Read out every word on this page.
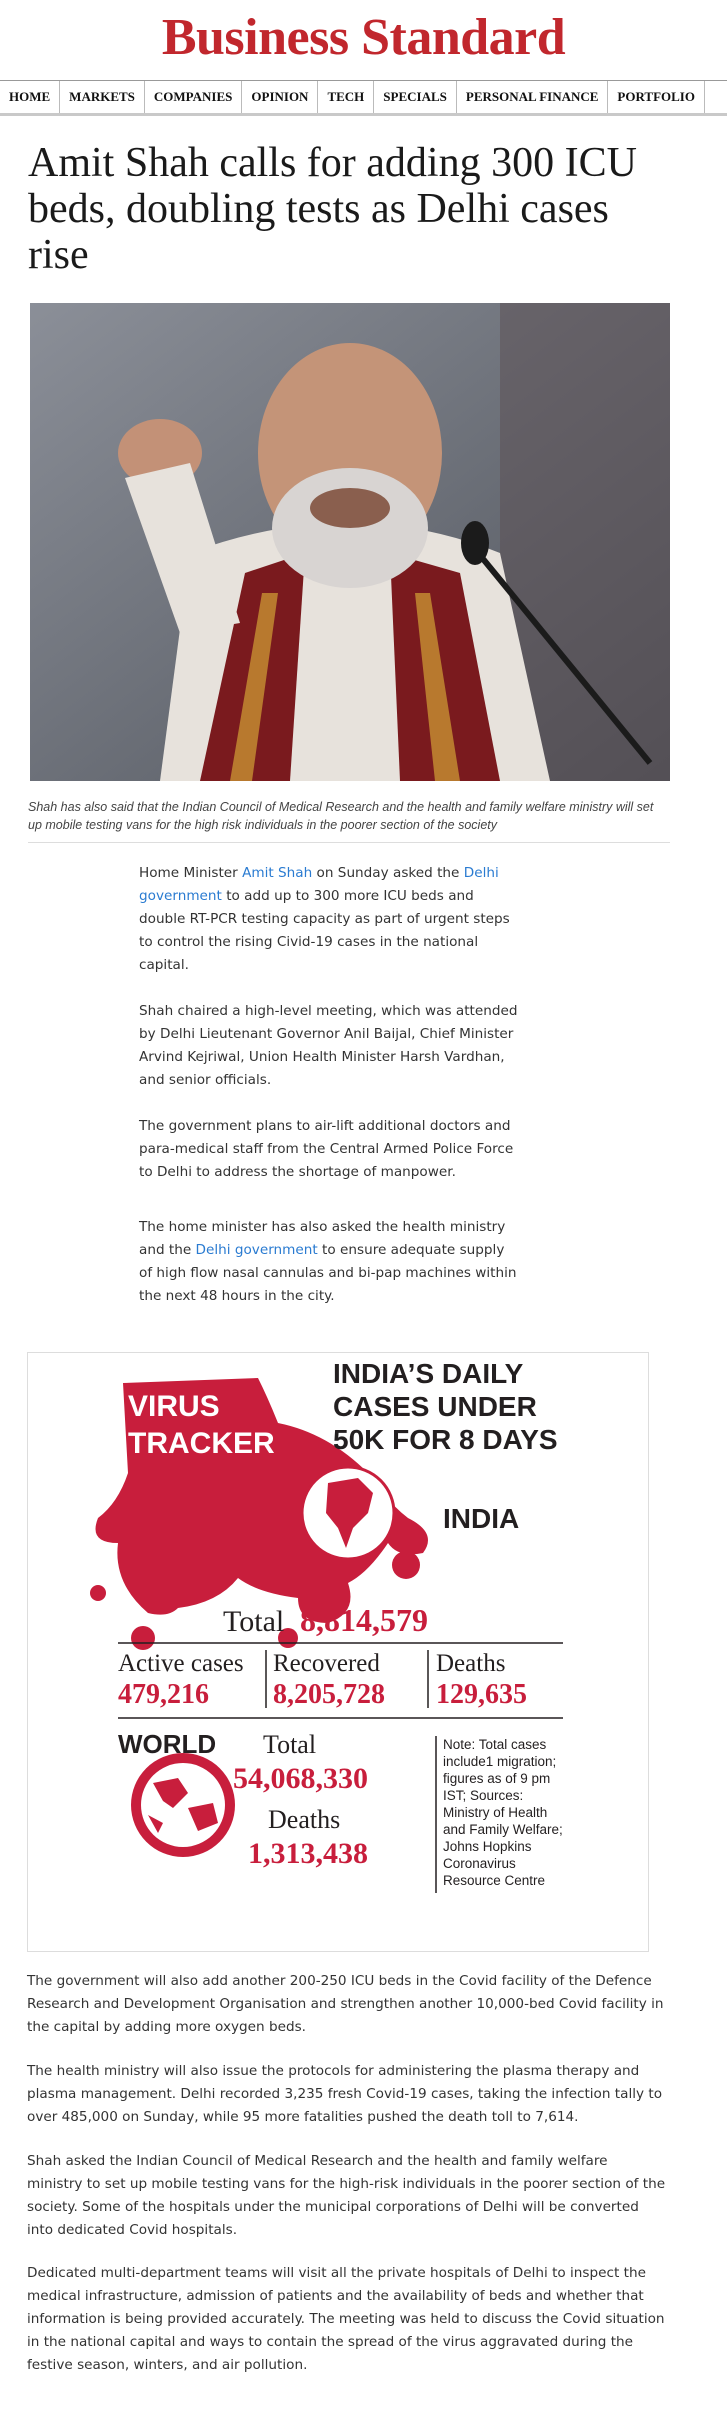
Business Standard
HOME	MARKETS	COMPANIES	OPINION	TECH	SPECIALS	PERSONAL FINANCE	PORTFOLIO
Amit Shah calls for adding 300 ICU beds, doubling tests as Delhi cases rise
Shah has also said that the Indian Council of Medical Research and the health and family welfare ministry will set up mobile testing vans for the high risk individuals in the poorer section of the society

Home Minister Amit Shah on Sunday asked the Delhi government to add up to 300 more ICU beds and double RT-PCR testing capacity as part of urgent steps to control the rising Civid-19 cases in the national capital.

Shah chaired a high-level meeting, which was attended by Delhi Lieutenant Governor Anil Baijal, Chief Minister Arvind Kejriwal, Union Health Minister Harsh Vardhan, and senior officials.
The government plans to air-lift additional doctors and para-medical staff from the Central Armed Police Force to Delhi to address the shortage of manpower.

The home minister has also asked the health ministry and the Delhi government to ensure adequate supply of high flow nasal cannulas and bi-pap machines within the next 48 hours in the city.

VIRUS
TRACKER
INDIA’S DAILY
CASES UNDER
50K FOR 8 DAYS
INDIA
Total 8,814,579
Active cases
479,216
Recovered
8,205,728
Deaths
129,635
WORLD Total
54,068,330
Deaths
1,313,438
Note: Total cases
include1 migration;
figures as of 9 pm
IST; Sources:
Ministry of Health
and Family Welfare;
Johns Hopkins
Coronavirus
Resource Centre
The government will also add another 200-250 ICU beds in the Covid facility of the Defence Research and Development Organisation and strengthen another 10,000-bed Covid facility in the capital by adding more oxygen beds.
The health ministry will also issue the protocols for administering the plasma therapy and plasma management. Delhi recorded 3,235 fresh Covid-19 cases, taking the infection tally to over 485,000 on Sunday, while 95 more fatalities pushed the death toll to 7,614.
Shah asked the Indian Council of Medical Research and the health and family welfare ministry to set up mobile testing vans for the high-risk individuals in the poorer section of the society. Some of the hospitals under the municipal corporations of Delhi will be converted into dedicated Covid hospitals.
Dedicated multi-department teams will visit all the private hospitals of Delhi to inspect the medical infrastructure, admission of patients and the availability of beds and whether that information is being provided accurately. The meeting was held to discuss the Covid situation in the national capital and ways to contain the spread of the virus aggravated during the festive season, winters, and air pollution.
